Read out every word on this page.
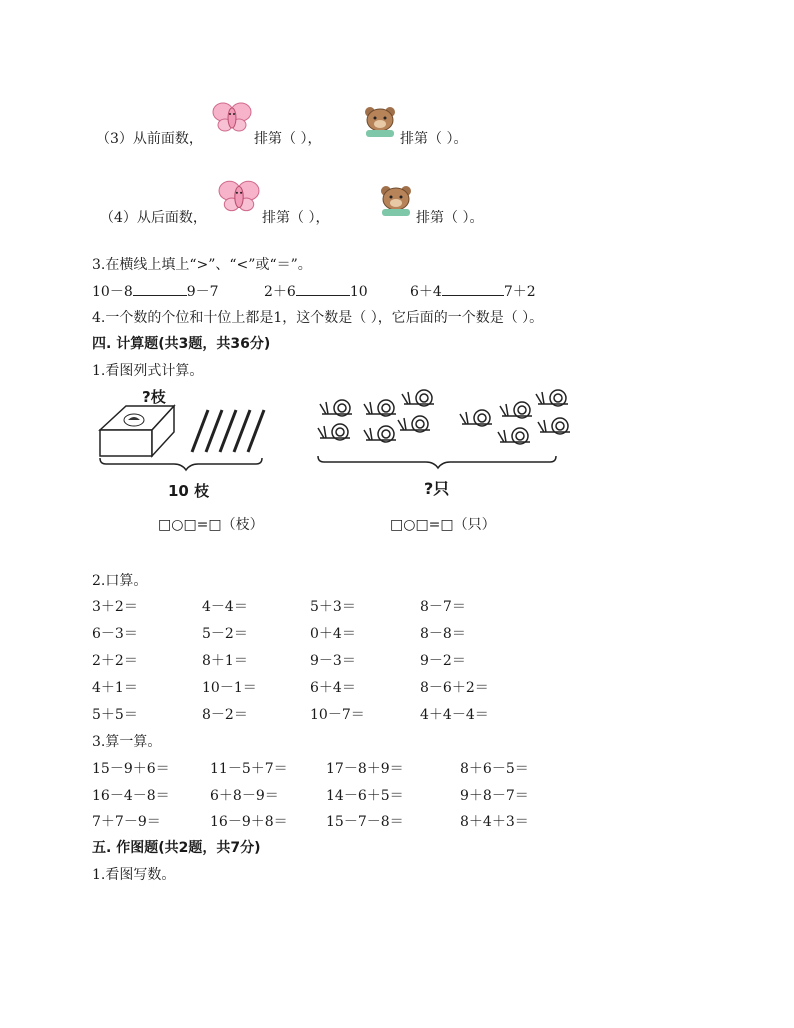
（3）从前面数，	排第（ ），	排第（ ）。
（4）从后面数，	排第（ ），	排第（ ）。
3.在横线上填上“>”、“<”或“＝”。
10－8	9－7	2＋6	10	6＋4	7＋2
4.一个数的个位和十位上都是1，这个数是（ ），它后面的一个数是（ ）。
四. 计算题(共3题，共36分)
1.看图列式计算。
?枝
10 枝	?只
□○□=□（枝）	□○□=□（只）
2.口算。
3＋2＝	4－4＝	5＋3＝	8－7＝
6－3＝	5－2＝	0＋4＝	8－8＝
2＋2＝	8＋1＝	9－3＝	9－2＝
4＋1＝	10－1＝	6＋4＝	8－6＋2＝
5＋5＝	8－2＝	10－7＝	4＋4－4＝
3.算一算。
15－9＋6＝	11－5＋7＝	17－8＋9＝	8＋6－5＝
16－4－8＝	6＋8－9＝	14－6＋5＝	9＋8－7＝
7＋7－9＝	16－9＋8＝	15－7－8＝	8＋4＋3＝
五. 作图题(共2题，共7分)
1.看图写数。
